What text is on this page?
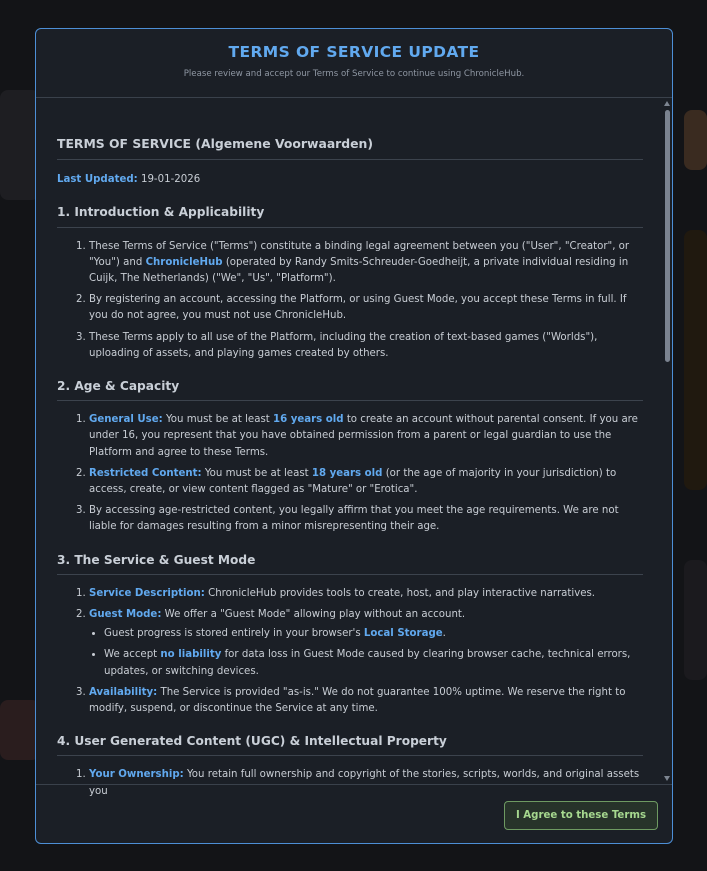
TERMS OF SERVICE UPDATE
Please review and accept our Terms of Service to continue using ChronicleHub.
TERMS OF SERVICE (Algemene Voorwaarden)

Last Updated: 19-01-2026

1. Introduction & Applicability
1. These Terms of Service ("Terms") constitute a binding legal agreement between you ("User", "Creator", or "You") and ChronicleHub (operated by Randy Smits-Schreuder-Goedheijt, a private individual residing in Cuijk, The Netherlands) ("We", "Us", "Platform").
2. By registering an account, accessing the Platform, or using Guest Mode, you accept these Terms in full. If you do not agree, you must not use ChronicleHub.
3. These Terms apply to all use of the Platform, including the creation of text-based games ("Worlds"), uploading of assets, and playing games created by others.
2. Age & Capacity
1. General Use: You must be at least 16 years old to create an account without parental consent. If you are under 16, you represent that you have obtained permission from a parent or legal guardian to use the Platform and agree to these Terms.
2. Restricted Content: You must be at least 18 years old (or the age of majority in your jurisdiction) to access, create, or view content flagged as "Mature" or "Erotica".
3. By accessing age-restricted content, you legally affirm that you meet the age requirements. We are not liable for damages resulting from a minor misrepresenting their age.
3. The Service & Guest Mode
1. Service Description: ChronicleHub provides tools to create, host, and play interactive narratives.
2. Guest Mode: We offer a "Guest Mode" allowing play without an account.
• Guest progress is stored entirely in your browser's Local Storage.
• We accept no liability for data loss in Guest Mode caused by clearing browser cache, technical errors, updates, or switching devices.
3. Availability: The Service is provided "as-is." We do not guarantee 100% uptime. We reserve the right to modify, suspend, or discontinue the Service at any time.
4. User Generated Content (UGC) & Intellectual Property
1. Your Ownership: You retain full ownership and copyright of the stories, scripts, worlds, and original assets you
I Agree to these Terms
